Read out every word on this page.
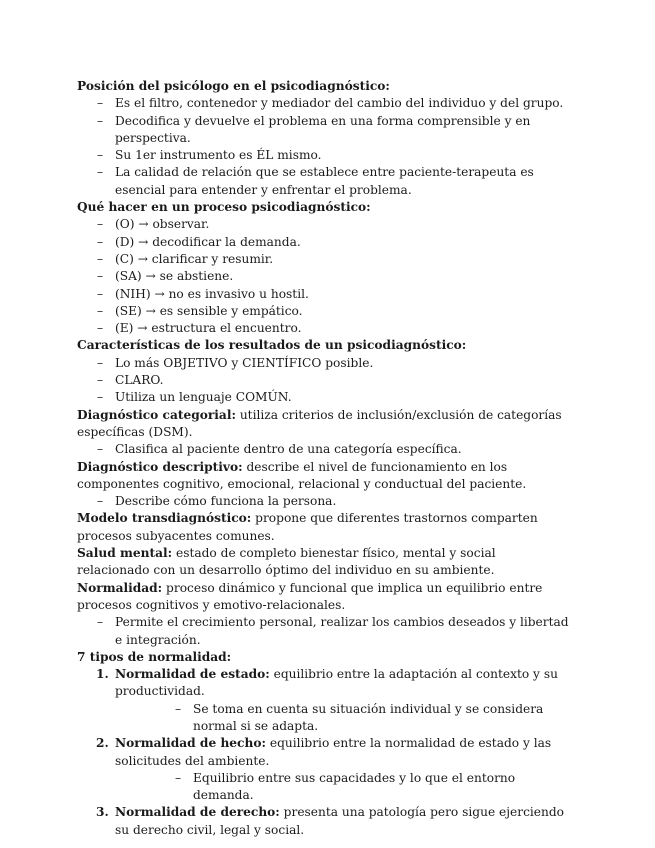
Posición del psicólogo en el psicodiagnóstico:

– Es el filtro, contenedor y mediador del cambio del individuo y del grupo.
– Decodifica y devuelve el problema en una forma comprensible y en perspectiva.
– Su 1er instrumento es ÉL mismo.
– La calidad de relación que se establece entre paciente-terapeuta es esencial para entender y enfrentar el problema.

Qué hacer en un proceso psicodiagnóstico:

– (O) → observar.
– (D) → decodificar la demanda.
– (C) → clarificar y resumir.
– (SA) → se abstiene.
– (NIH) → no es invasivo u hostil.
– (SE) → es sensible y empático.
– (E) → estructura el encuentro.

Características de los resultados de un psicodiagnóstico:

– Lo más OBJETIVO y CIENTÍFICO posible.
– CLARO.
– Utiliza un lenguaje COMÚN.

Diagnóstico categorial: utiliza criterios de inclusión/exclusión de categorías específicas (DSM).

– Clasifica al paciente dentro de una categoría específica.

Diagnóstico descriptivo: describe el nivel de funcionamiento en los componentes cognitivo, emocional, relacional y conductual del paciente.

– Describe cómo funciona la persona.

Modelo transdiagnóstico: propone que diferentes trastornos comparten procesos subyacentes comunes.

Salud mental: estado de completo bienestar físico, mental y social relacionado con un desarrollo óptimo del individuo en su ambiente.

Normalidad: proceso dinámico y funcional que implica un equilibrio entre procesos cognitivos y emotivo-relacionales.

– Permite el crecimiento personal, realizar los cambios deseados y libertad e integración.

7 tipos de normalidad:

1. Normalidad de estado: equilibrio entre la adaptación al contexto y su productividad.
– Se toma en cuenta su situación individual y se considera normal si se adapta.
2. Normalidad de hecho: equilibrio entre la normalidad de estado y las solicitudes del ambiente.
– Equilibrio entre sus capacidades y lo que el entorno demanda.
3. Normalidad de derecho: presenta una patología pero sigue ejerciendo su derecho civil, legal y social.
